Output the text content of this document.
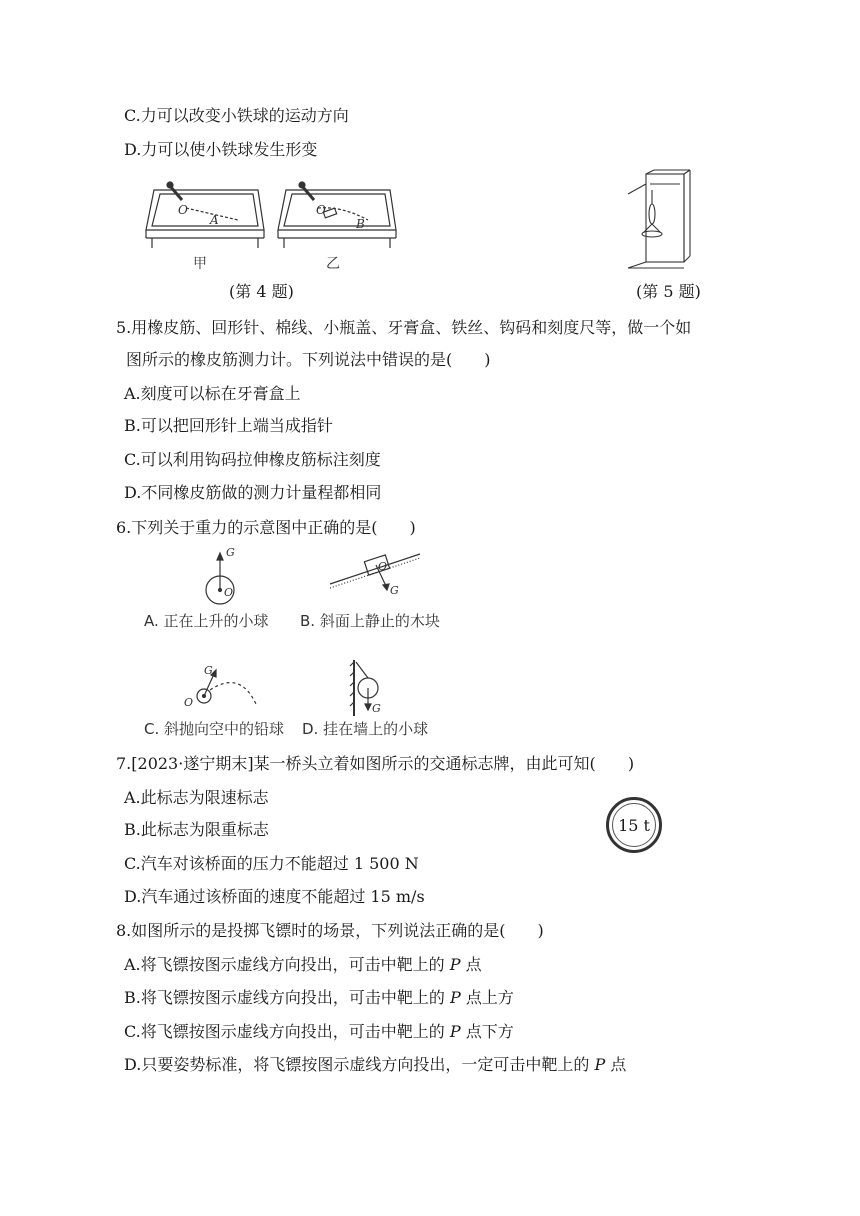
C.力可以改变小铁球的运动方向
D.力可以使小铁球发生形变
O
A
O
B
甲	乙
(第 4 题)	(第 5 题)
5.用橡皮筋、回形针、棉线、小瓶盖、牙膏盒、铁丝、钩码和刻度尺等，做一个如
图所示的橡皮筋测力计。下列说法中错误的是( )
A.刻度可以标在牙膏盒上
B.可以把回形针上端当成指针
C.可以利用钩码拉伸橡皮筋标注刻度
D.不同橡皮筋做的测力计量程都相同
6.下列关于重力的示意图中正确的是( )
G
O
O
G
A. 正在上升的小球 B. 斜面上静止的木块
G
O	G
C. 斜抛向空中的铅球 D. 挂在墙上的小球
7.[2023·遂宁期末]某一桥头立着如图所示的交通标志牌，由此可知( )
A.此标志为限速标志
B.此标志为限重标志
C.汽车对该桥面的压力不能超过 1 500 N
D.汽车通过该桥面的速度不能超过 15 m/s
15 t
8.如图所示的是投掷飞镖时的场景，下列说法正确的是( )
A.将飞镖按图示虚线方向投出，可击中靶上的 P 点
B.将飞镖按图示虚线方向投出，可击中靶上的 P 点上方
C.将飞镖按图示虚线方向投出，可击中靶上的 P 点下方
D.只要姿势标准，将飞镖按图示虚线方向投出，一定可击中靶上的 P 点
